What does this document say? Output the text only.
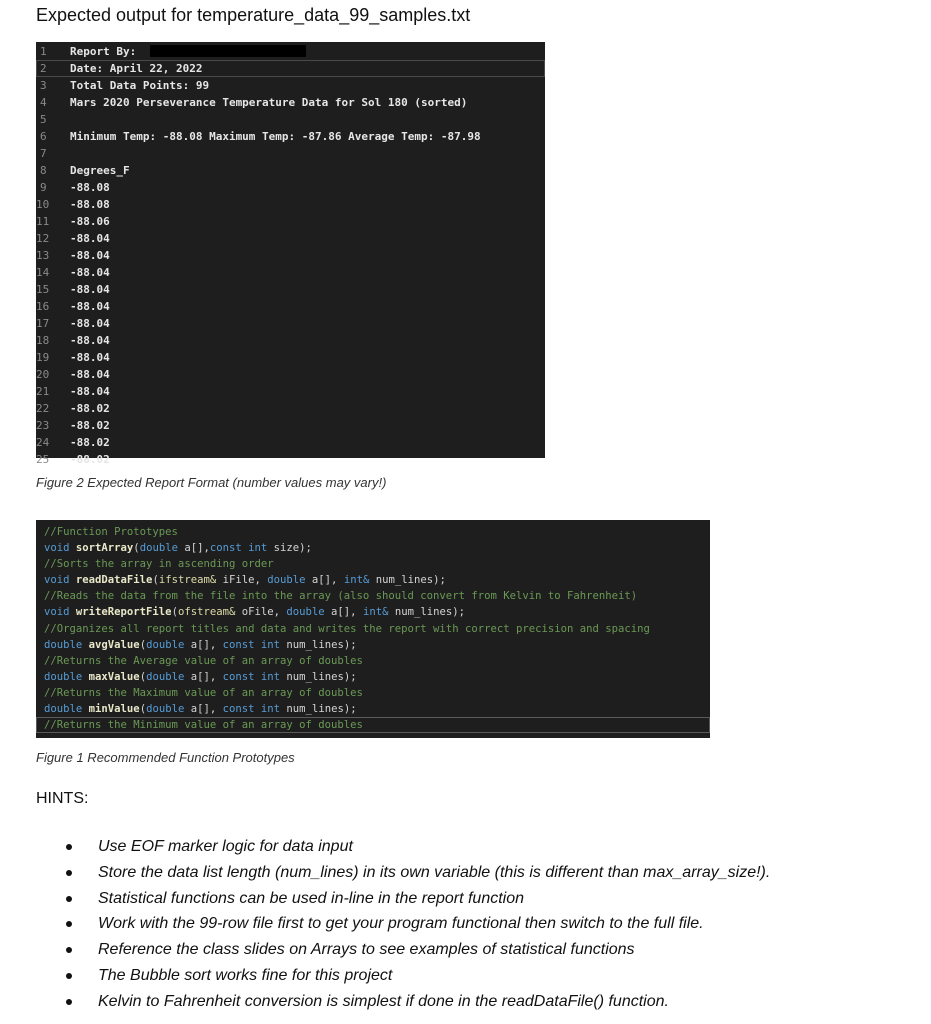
Expected output for temperature_data_99_samples.txt
1	Report By:
2	Date: April 22, 2022
3	Total Data Points: 99
4	Mars 2020 Perseverance Temperature Data for Sol 180 (sorted)
5
6	Minimum Temp: -88.08 Maximum Temp: -87.86 Average Temp: -87.98
7
8	Degrees_F
9	-88.08
10	-88.08
11	-88.06
12	-88.04
13	-88.04
14	-88.04
15	-88.04
16	-88.04
17	-88.04
18	-88.04
19	-88.04
20	-88.04
21	-88.04
22	-88.02
23	-88.02
24	-88.02
25	-88.02
Figure 2 Expected Report Format (number values may vary!)
//Function Prototypes
void sortArray(double a[],const int size);
//Sorts the array in ascending order
void readDataFile(ifstream& iFile, double a[], int& num_lines);
//Reads the data from the file into the array (also should convert from Kelvin to Fahrenheit)
void writeReportFile(ofstream& oFile, double a[], int& num_lines);
//Organizes all report titles and data and writes the report with correct precision and spacing
double avgValue(double a[], const int num_lines);
//Returns the Average value of an array of doubles
double maxValue(double a[], const int num_lines);
//Returns the Maximum value of an array of doubles
double minValue(double a[], const int num_lines);
//Returns the Minimum value of an array of doubles
Figure 1 Recommended Function Prototypes
HINTS:
Use EOF marker logic for data input
Store the data list length (num_lines) in its own variable (this is different than max_array_size!).
Statistical functions can be used in-line in the report function
Work with the 99-row file first to get your program functional then switch to the full file.
Reference the class slides on Arrays to see examples of statistical functions
The Bubble sort works fine for this project
Kelvin to Fahrenheit conversion is simplest if done in the readDataFile() function.
